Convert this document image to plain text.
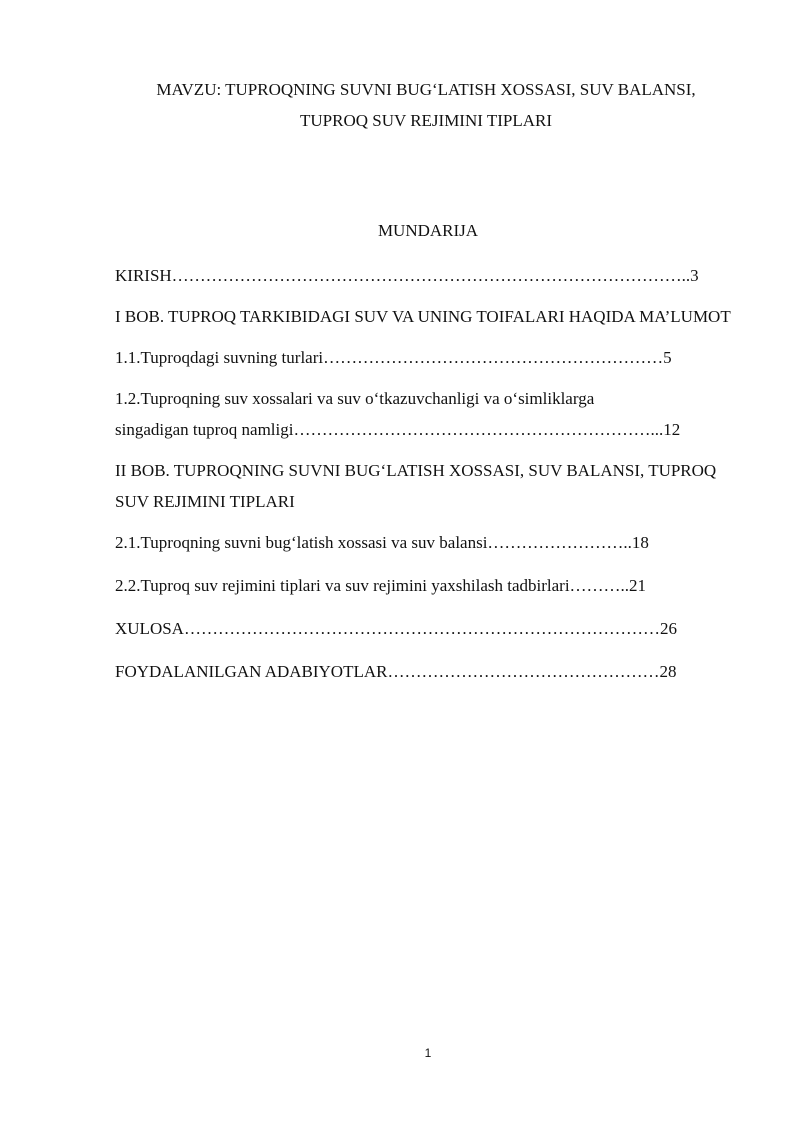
MAVZU: TUPROQNING SUVNI BUG‘LATISH XOSSASI, SUV BALANSI,
TUPROQ SUV REJIMINI TIPLARI
MUNDARIJA
KIRISH………………………………………………………………………………..3
I BOB. TUPROQ TARKIBIDAGI SUV VA UNING TOIFALARI HAQIDA MA’LUMOT
1.1.Tuproqdagi suvning turlari……………………………………………………5
1.2.Tuproqning suv xossalari va suv o‘tkazuvchanligi va o‘simliklarga
singadigan tuproq namligi………………………………………………………...12
II BOB. TUPROQNING SUVNI BUG‘LATISH XOSSASI, SUV BALANSI, TUPROQ SUV REJIMINI TIPLARI
2.1.Tuproqning suvni bug‘latish xossasi va suv balansi……………………..18
2.2.Tuproq suv rejimini tiplari va suv rejimini yaxshilash tadbirlari………..21
XULOSA…………………………………………………………………………26
FOYDALANILGAN ADABIYOTLAR…………………………………………28
1
